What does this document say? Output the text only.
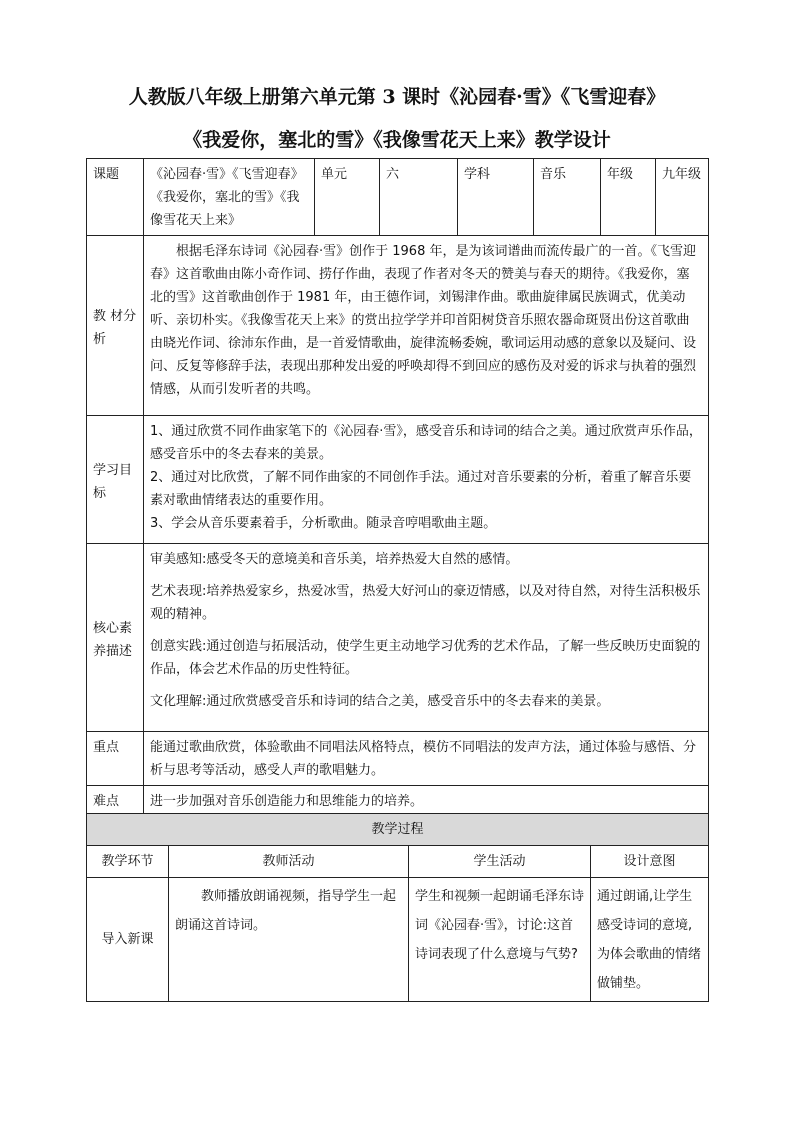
人教版八年级上册第六单元第 3 课时《沁园春·雪》《飞雪迎春》
《我爱你，塞北的雪》《我像雪花天上来》教学设计
课题	《沁园春·雪》《飞雪迎春》《我爱你，塞北的雪》《我像雪花天上来》	单元	六	学科	音乐	年级	九年级
教 材分析	根据毛泽东诗词《沁园春·雪》创作于 1968 年，是为该词谱曲而流传最广的一首。《飞雪迎春》这首歌曲由陈小奇作词、捞仔作曲，表现了作者对冬天的赞美与春天的期待。《我爱你，塞北的雪》这首歌曲创作于 1981 年，由王德作词，刘锡津作曲。歌曲旋律属民族调式，优美动听、亲切朴实。《我像雪花天上来》的赏出拉学学并印首阳树贷音乐照农器命斑贤出份这首歌曲由晓光作词、徐沛东作曲，是一首爱情歌曲，旋律流畅委婉，歌词运用动感的意象以及疑问、设问、反复等修辞手法，表现出那种发出爱的呼唤却得不到回应的感伤及对爱的诉求与执着的强烈情感，从而引发听者的共鸣。						

学习目标	1、通过欣赏不同作曲家笔下的《沁园春·雪》，感受音乐和诗词的结合之美。通过欣赏声乐作品，感受音乐中的冬去春来的美景。

2、通过对比欣赏，了解不同作曲家的不同创作手法。通过对音乐要素的分析，着重了解音乐要素对歌曲情绪表达的重要作用。

3、学会从音乐要素着手，分析歌曲。随录音哼唱歌曲主题。						

核心素养描述	审美感知:感受冬天的意境美和音乐美，培养热爱大自然的感情。

艺术表现:培养热爱家乡，热爱冰雪，热爱大好河山的豪迈情感，以及对待自然，对待生活积极乐观的精神。

创意实践:通过创造与拓展活动，使学生更主动地学习优秀的艺术作品，了解一些反映历史面貌的作品，体会艺术作品的历史性特征。

文化理解:通过欣赏感受音乐和诗词的结合之美，感受音乐中的冬去春来的美景。						

重点	能通过歌曲欣赏，体验歌曲不同唱法风格特点，模仿不同唱法的发声方法，通过体验与感悟、分析与思考等活动，感受人声的歌唱魅力。						

难点	进一步加强对音乐创造能力和思维能力的培养。						

教学过程			
教学环节	教师活动	学生活动	设计意图
导入新课	教师播放朗诵视频，指导学生一起朗诵这首诗词。	学生和视频一起朗诵毛泽东诗词《沁园春·雪》，讨论:这首诗词表现了什么意境与气势?	通过朗诵,让学生感受诗词的意境,为体会歌曲的情绪做铺垫。
